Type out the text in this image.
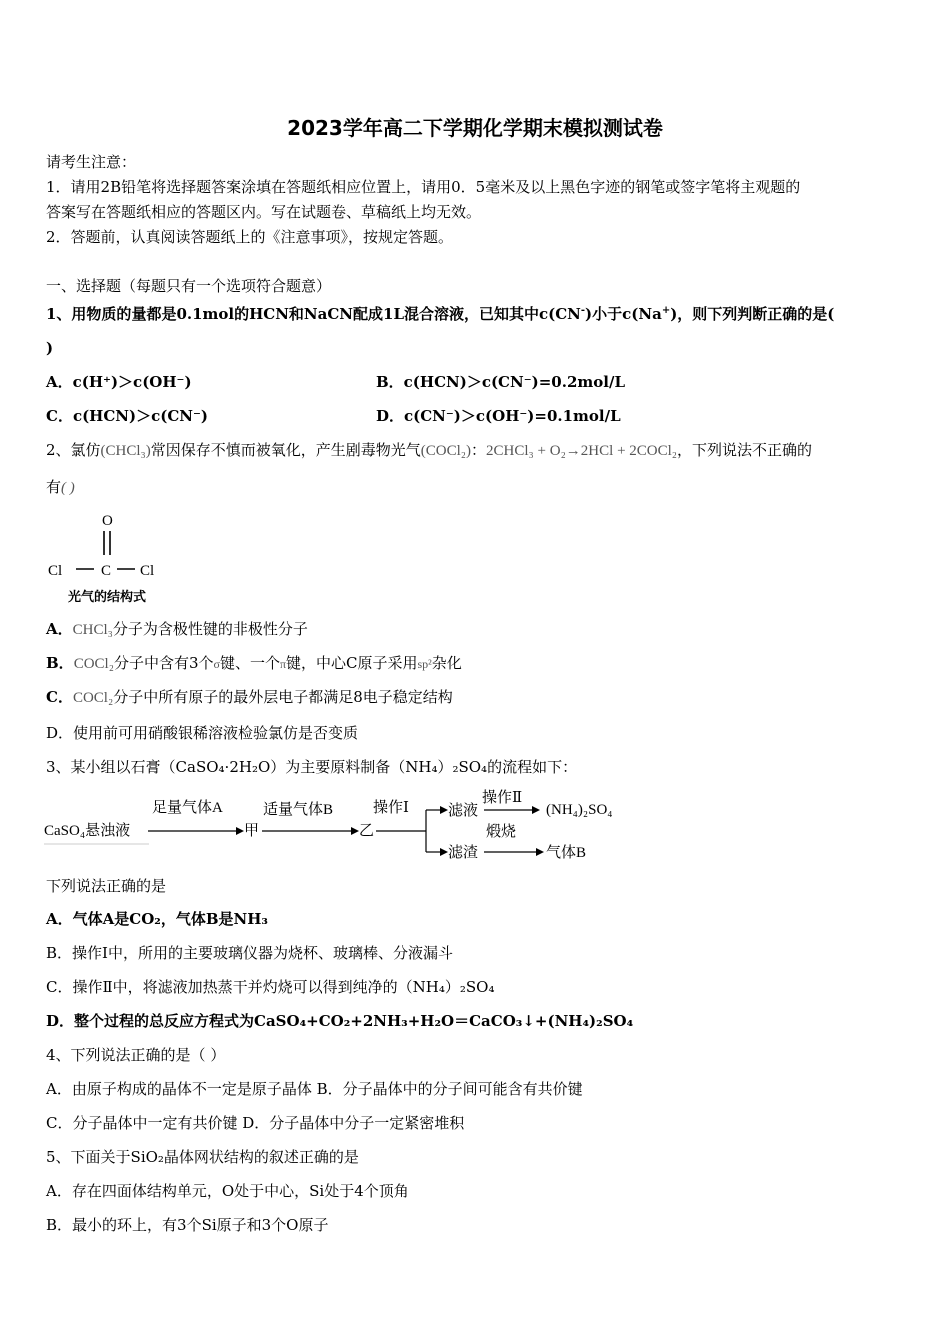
2023学年高二下学期化学期末模拟测试卷
请考生注意：
1．请用2B铅笔将选择题答案涂填在答题纸相应位置上，请用0．5毫米及以上黑色字迹的钢笔或签字笔将主观题的
答案写在答题纸相应的答题区内。写在试题卷、草稿纸上均无效。
2．答题前，认真阅读答题纸上的《注意事项》，按规定答题。
一、选择题（每题只有一个选项符合题意）
1、用物质的量都是0.1mol的HCN和NaCN配成1L混合溶液，已知其中c(CN-)小于c(Na+)，则下列判断正确的是(
)
A．c(H⁺)＞c(OH⁻)	B．c(HCN)＞c(CN⁻)=0.2mol/L
C．c(HCN)＞c(CN⁻)	D．c(CN⁻)＞c(OH⁻)=0.1mol/L
2、氯仿(CHCl₃)常因保存不慎而被氧化，产生剧毒物光气(COCl₂)：2CHCl₃ + O₂→2HCl + 2COCl₂，下列说法不正确的
有( )
O
Cl	C Cl
光气的结构式
A．CHCl₃分子为含极性键的非极性分子
B．COCl₂分子中含有3个σ键、一个π键，中心C原子采用sp²杂化
C．COCl₂分子中所有原子的最外层电子都满足8电子稳定结构
D．使用前可用硝酸银稀溶液检验氯仿是否变质
3、某小组以石膏（CaSO₄·2H₂O）为主要原料制备（NH₄）₂SO₄的流程如下：
CaSO₄悬浊液
足量气体A
甲
适量气体B
乙
操作Ⅰ	滤液
操作Ⅱ
(NH₄)₂SO₄
滤渣
煅烧
气体B
下列说法正确的是
A．气体A是CO₂，气体B是NH₃
B．操作Ⅰ中，所用的主要玻璃仪器为烧杯、玻璃棒、分液漏斗
C．操作Ⅱ中，将滤液加热蒸干并灼烧可以得到纯净的（NH₄）₂SO₄
D．整个过程的总反应方程式为CaSO₄+CO₂+2NH₃+H₂O＝CaCO₃↓+(NH₄)₂SO₄
4、下列说法正确的是（ ）
A．由原子构成的晶体不一定是原子晶体 B．分子晶体中的分子间可能含有共价键
C．分子晶体中一定有共价键 D．分子晶体中分子一定紧密堆积
5、下面关于SiO₂晶体网状结构的叙述正确的是
A．存在四面体结构单元，O处于中心，Si处于4个顶角
B．最小的环上，有3个Si原子和3个O原子
